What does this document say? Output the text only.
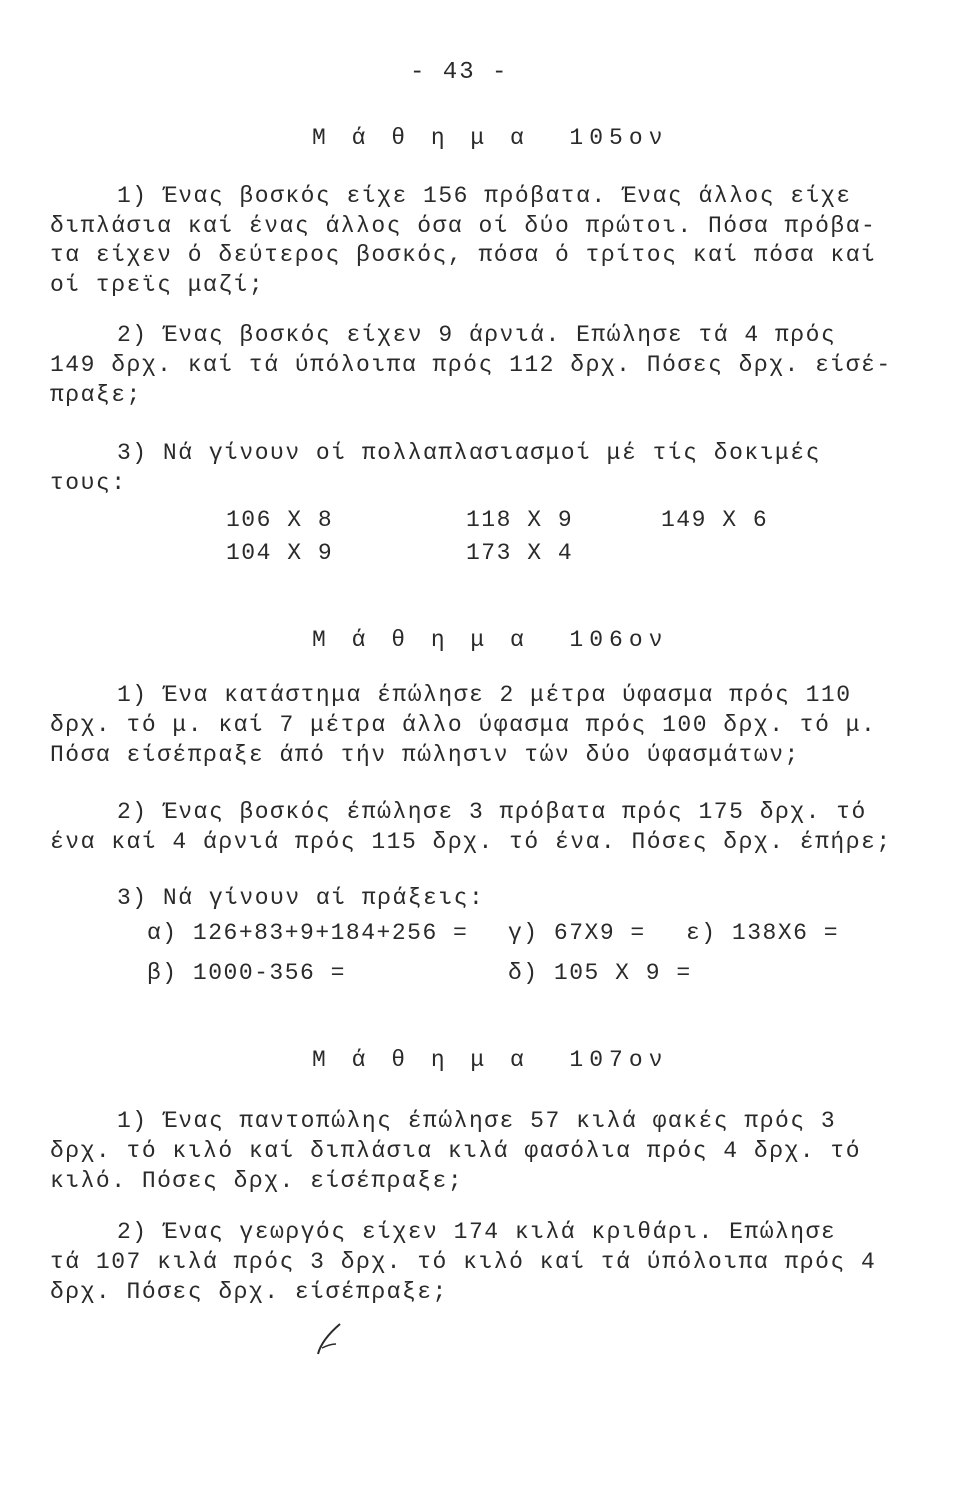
- 43 -
Μ ά θ η μ α  105ον
1) Ένας βοσκός είχε 156 πρόβατα. Ένας άλλος είχε
διπλάσια καί ένας άλλος όσα οί δύο πρώτοι. Πόσα πρόβα-
τα είχεν ό δεύτερος βοσκός, πόσα ό τρίτος καί πόσα καί
οί τρεϊς μαζί;
2) Ένας βοσκός είχεν 9 άρνιά. Επώλησε τά 4 πρός
149 δρχ. καί τά ύπόλοιπα πρός 112 δρχ. Πόσες δρχ. είσέ-
πραξε;
3) Νά γίνουν οί πολλαπλασιασμοί μέ τίς δοκιμές
τους:
106 X 8	118 X 9	149 X 6
104 X 9	173 X 4
Μ ά θ η μ α  106ον
1) Ένα κατάστημα έπώλησε 2 μέτρα ύφασμα πρός 110
δρχ. τό μ. καί 7 μέτρα άλλο ύφασμα πρός 100 δρχ. τό μ.
Πόσα είσέπραξε άπό τήν πώλησιν τών δύο ύφασμάτων;
2) Ένας βοσκός έπώλησε 3 πρόβατα πρός 175 δρχ. τό
ένα καί 4 άρνιά πρός 115 δρχ. τό ένα. Πόσες δρχ. έπήρε;
3) Νά γίνουν αί πράξεις:
α) 126+83+9+184+256 = γ) 67Χ9 = ε) 138Χ6 =
β) 1000-356 =	δ) 105 Χ 9 =
Μ ά θ η μ α  107ον
1) Ένας παντοπώλης έπώλησε 57 κιλά φακές πρός 3
δρχ. τό κιλό καί διπλάσια κιλά φασόλια πρός 4 δρχ. τό
κιλό. Πόσες δρχ. είσέπραξε;
2) Ένας γεωργός είχεν 174 κιλά κριθάρι. Επώλησε
τά 107 κιλά πρός 3 δρχ. τό κιλό καί τά ύπόλοιπα πρός 4
δρχ. Πόσες δρχ. είσέπραξε;
